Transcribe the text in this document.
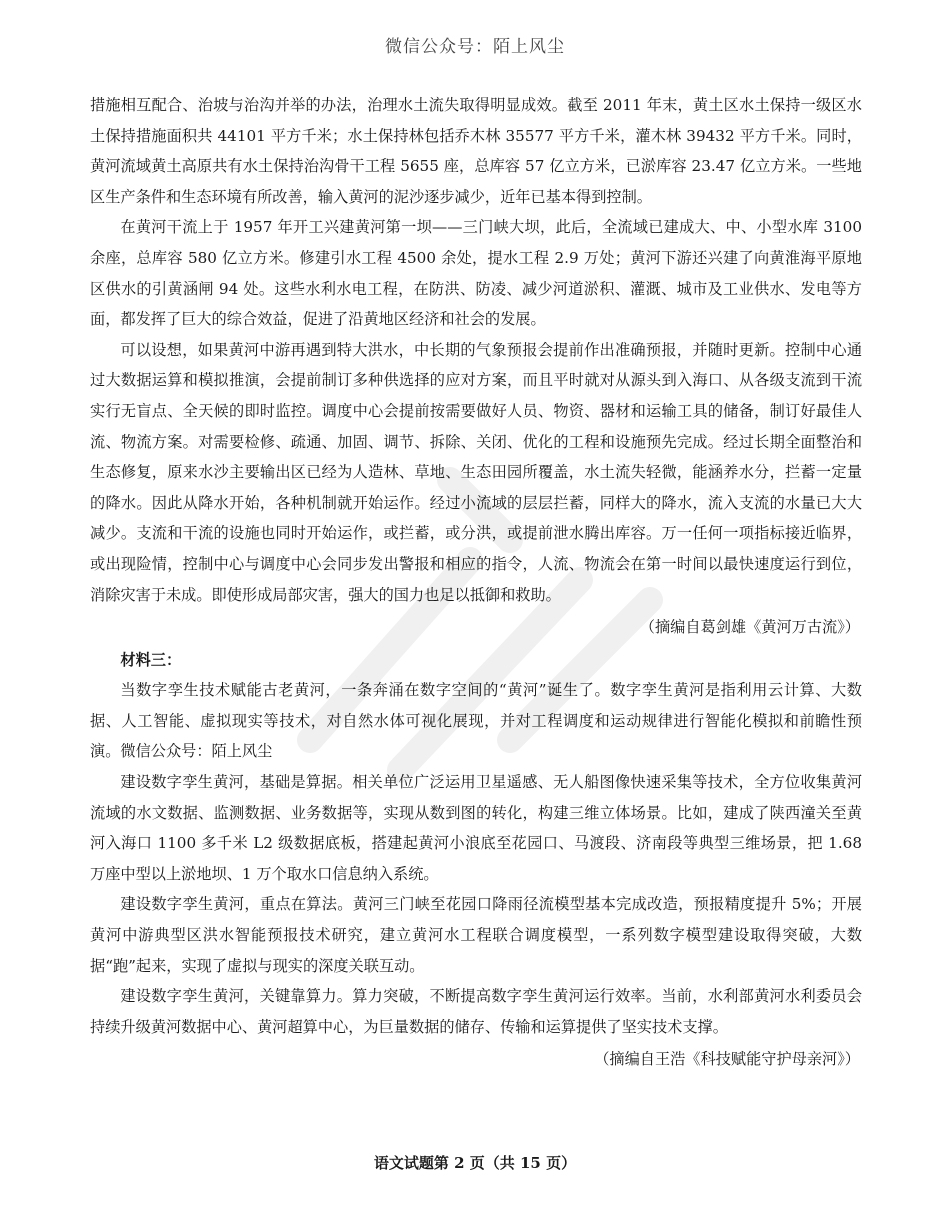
微信公众号：陌上风尘

措施相互配合、治坡与治沟并举的办法，治理水土流失取得明显成效。截至 2011 年末，黄土区水土保持一级区水土保持措施面积共 44101 平方千米；水土保持林包括乔木林 35577 平方千米，灌木林 39432 平方千米。同时，黄河流域黄土高原共有水土保持治沟骨干工程 5655 座，总库容 57 亿立方米，已淤库容 23.47 亿立方米。一些地区生产条件和生态环境有所改善，输入黄河的泥沙逐步减少，近年已基本得到控制。

在黄河干流上于 1957 年开工兴建黄河第一坝——三门峡大坝，此后，全流域已建成大、中、小型水库 3100 余座，总库容 580 亿立方米。修建引水工程 4500 余处，提水工程 2.9 万处；黄河下游还兴建了向黄淮海平原地区供水的引黄涵闸 94 处。这些水利水电工程，在防洪、防凌、减少河道淤积、灌溉、城市及工业供水、发电等方面，都发挥了巨大的综合效益，促进了沿黄地区经济和社会的发展。

可以设想，如果黄河中游再遇到特大洪水，中长期的气象预报会提前作出准确预报，并随时更新。控制中心通过大数据运算和模拟推演，会提前制订多种供选择的应对方案，而且平时就对从源头到入海口、从各级支流到干流实行无盲点、全天候的即时监控。调度中心会提前按需要做好人员、物资、器材和运输工具的储备，制订好最佳人流、物流方案。对需要检修、疏通、加固、调节、拆除、关闭、优化的工程和设施预先完成。经过长期全面整治和生态修复，原来水沙主要输出区已经为人造林、草地、生态田园所覆盖，水土流失轻微，能涵养水分，拦蓄一定量的降水。因此从降水开始，各种机制就开始运作。经过小流域的层层拦蓄，同样大的降水，流入支流的水量已大大减少。支流和干流的设施也同时开始运作，或拦蓄，或分洪，或提前泄水腾出库容。万一任何一项指标接近临界，或出现险情，控制中心与调度中心会同步发出警报和相应的指令，人流、物流会在第一时间以最快速度运行到位，消除灾害于未成。即使形成局部灾害，强大的国力也足以抵御和救助。

（摘编自葛剑雄《黄河万古流》）

材料三：

当数字孪生技术赋能古老黄河，一条奔涌在数字空间的“黄河”诞生了。数字孪生黄河是指利用云计算、大数据、人工智能、虚拟现实等技术，对自然水体可视化展现，并对工程调度和运动规律进行智能化模拟和前瞻性预演。微信公众号：陌上风尘

建设数字孪生黄河，基础是算据。相关单位广泛运用卫星遥感、无人船图像快速采集等技术，全方位收集黄河流域的水文数据、监测数据、业务数据等，实现从数到图的转化，构建三维立体场景。比如，建成了陕西潼关至黄河入海口 1100 多千米 L2 级数据底板，搭建起黄河小浪底至花园口、马渡段、济南段等典型三维场景，把 1.68 万座中型以上淤地坝、1 万个取水口信息纳入系统。

建设数字孪生黄河，重点在算法。黄河三门峡至花园口降雨径流模型基本完成改造，预报精度提升 5%；开展黄河中游典型区洪水智能预报技术研究，建立黄河水工程联合调度模型，一系列数字模型建设取得突破，大数据“跑”起来，实现了虚拟与现实的深度关联互动。

建设数字孪生黄河，关键靠算力。算力突破，不断提高数字孪生黄河运行效率。当前，水利部黄河水利委员会持续升级黄河数据中心、黄河超算中心，为巨量数据的储存、传输和运算提供了坚实技术支撑。

（摘编自王浩《科技赋能守护母亲河》）

语文试题第 2 页（共 15 页）
